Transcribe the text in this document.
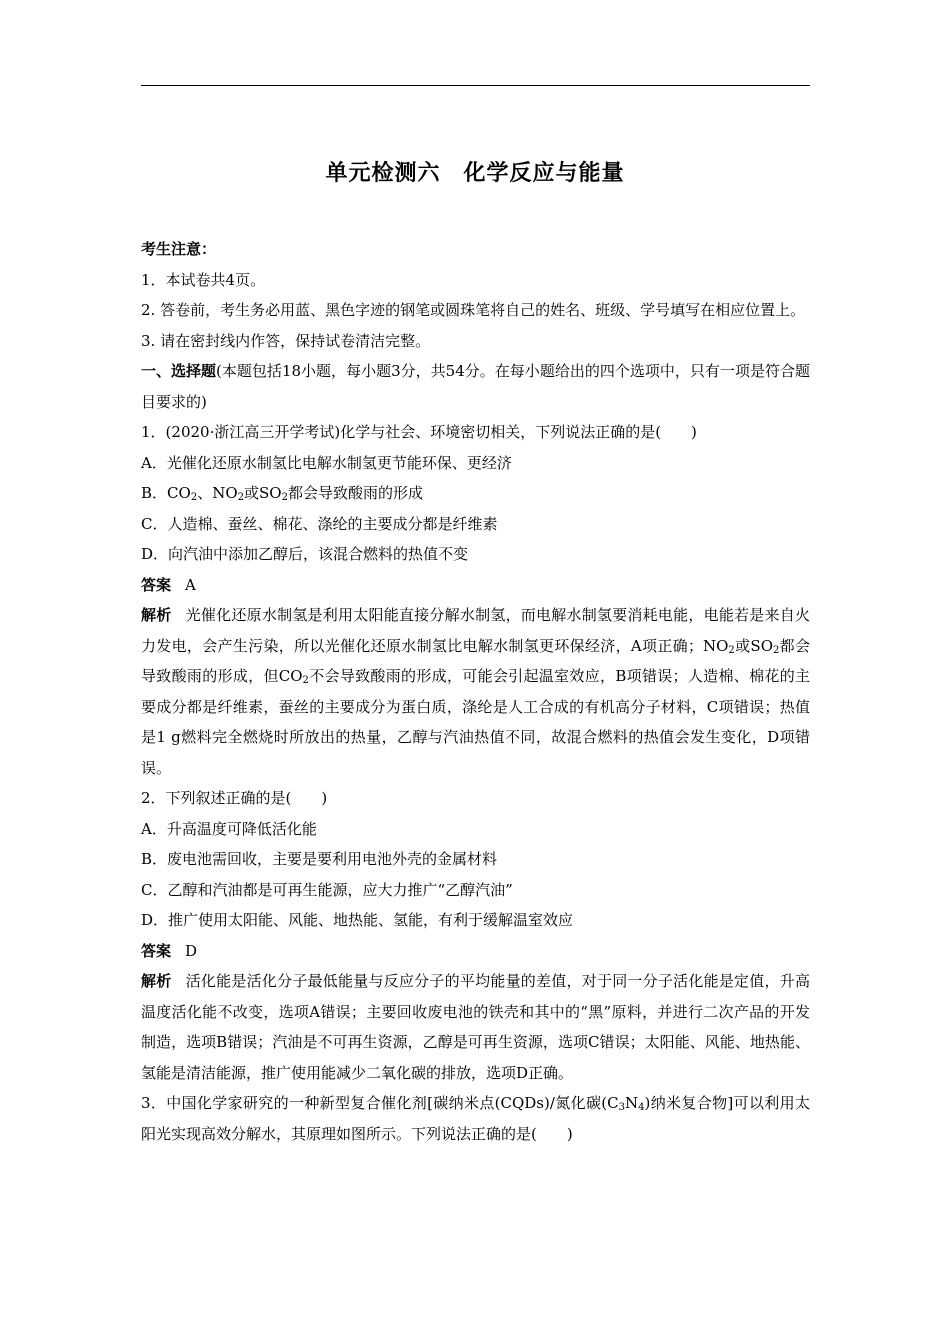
单元检测六　化学反应与能量

考生注意：

1．本试卷共4页。

2. 答卷前，考生务必用蓝、黑色字迹的钢笔或圆珠笔将自己的姓名、班级、学号填写在相应位置上。

3. 请在密封线内作答，保持试卷清洁完整。

一、选择题(本题包括18小题，每小题3分，共54分。在每小题给出的四个选项中，只有一项是符合题目要求的)

1．(2020·浙江高三开学考试)化学与社会、环境密切相关，下列说法正确的是(　　)

A．光催化还原水制氢比电解水制氢更节能环保、更经济

B．$CO_2$、$NO_2$或$SO_2$都会导致酸雨的形成

C．人造棉、蚕丝、棉花、涤纶的主要成分都是纤维素

D．向汽油中添加乙醇后，该混合燃料的热值不变

答案 A

解析 光催化还原水制氢是利用太阳能直接分解水制氢，而电解水制氢要消耗电能，电能若是来自火力发电，会产生污染，所以光催化还原水制氢比电解水制氢更环保经济，A项正确；$NO_2$或$SO_2$都会导致酸雨的形成，但$CO_2$不会导致酸雨的形成，可能会引起温室效应，B项错误；人造棉、棉花的主要成分都是纤维素，蚕丝的主要成分为蛋白质，涤纶是人工合成的有机高分子材料，C项错误；热值是1 g燃料完全燃烧时所放出的热量，乙醇与汽油热值不同，故混合燃料的热值会发生变化，D项错误。

2．下列叙述正确的是(　　)

A．升高温度可降低活化能

B．废电池需回收，主要是要利用电池外壳的金属材料

C．乙醇和汽油都是可再生能源，应大力推广“乙醇汽油”

D．推广使用太阳能、风能、地热能、氢能，有利于缓解温室效应

答案 D

解析 活化能是活化分子最低能量与反应分子的平均能量的差值，对于同一分子活化能是定值，升高温度活化能不改变，选项A错误；主要回收废电池的铁壳和其中的“黑”原料，并进行二次产品的开发制造，选项B错误；汽油是不可再生资源，乙醇是可再生资源，选项C错误；太阳能、风能、地热能、氢能是清洁能源，推广使用能减少二氧化碳的排放，选项D正确。

3．中国化学家研究的一种新型复合催化剂[碳纳米点(CQDs)/氮化碳$(C_3N_4)$纳米复合物]可以利用太阳光实现高效分解水，其原理如图所示。下列说法正确的是(　　)
